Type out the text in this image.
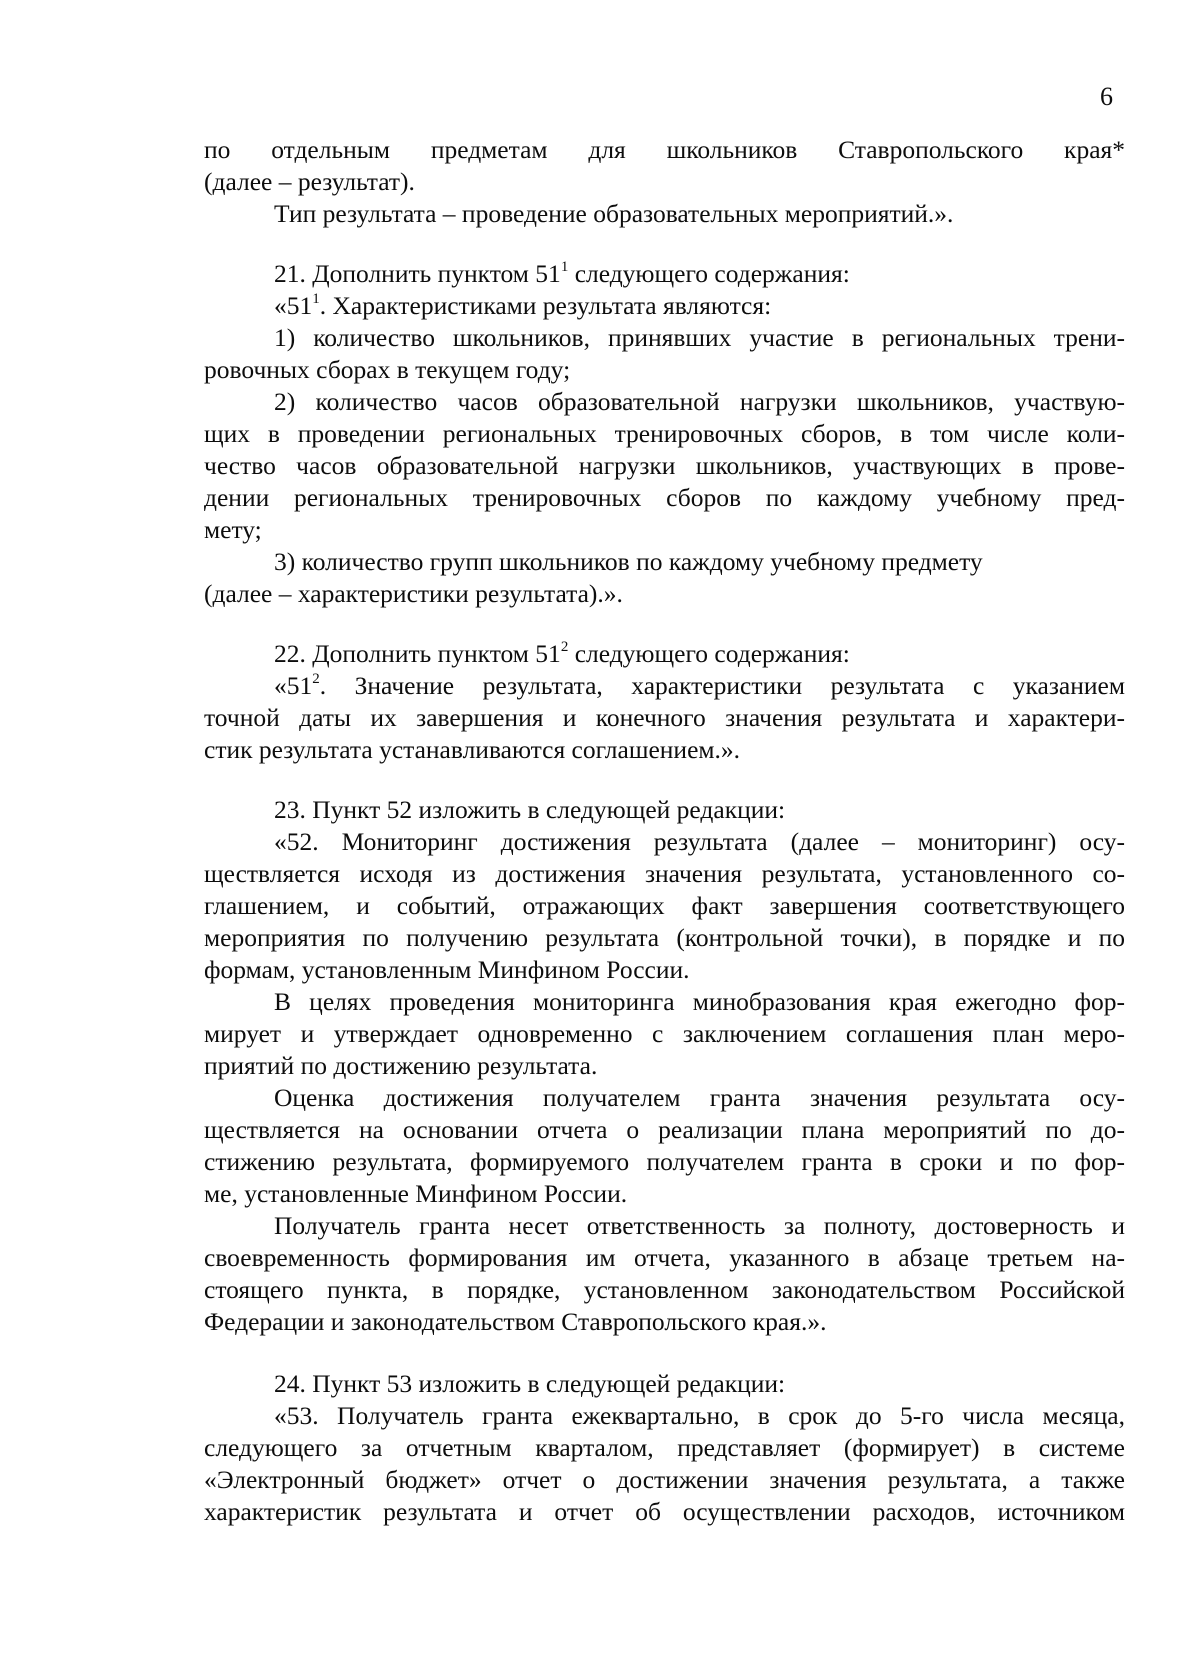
6
по отдельным предметам для школьников Ставропольского края*
(далее – результат).
Тип результата – проведение образовательных мероприятий.».
21. Дополнить пунктом $51^1$ следующего содержания:
«$51^1$. Характеристиками результата являются:
1) количество школьников, принявших участие в региональных трени-
ровочных сборах в текущем году;
2) количество часов образовательной нагрузки школьников, участвую-
щих в проведении региональных тренировочных сборов, в том числе коли-
чество часов образовательной нагрузки школьников, участвующих в прове-
дении региональных тренировочных сборов по каждому учебному пред-
мету;
3) количество групп школьников по каждому учебному предмету
(далее – характеристики результата).».
22. Дополнить пунктом $51^2$ следующего содержания:
«$51^2$. Значение результата, характеристики результата с указанием
точной даты их завершения и конечного значения результата и характери-
стик результата устанавливаются соглашением.».
23. Пункт 52 изложить в следующей редакции:
«52. Мониторинг достижения результата (далее – мониторинг) осу-
ществляется исходя из достижения значения результата, установленного со-
глашением, и событий, отражающих факт завершения соответствующего
мероприятия по получению результата (контрольной точки), в порядке и по
формам, установленным Минфином России.
В целях проведения мониторинга минобразования края ежегодно фор-
мирует и утверждает одновременно с заключением соглашения план меро-
приятий по достижению результата.
Оценка достижения получателем гранта значения результата осу-
ществляется на основании отчета о реализации плана мероприятий по до-
стижению результата, формируемого получателем гранта в сроки и по фор-
ме, установленные Минфином России.
Получатель гранта несет ответственность за полноту, достоверность и
своевременность формирования им отчета, указанного в абзаце третьем на-
стоящего пункта, в порядке, установленном законодательством Российской
Федерации и законодательством Ставропольского края.».
24. Пункт 53 изложить в следующей редакции:
«53. Получатель гранта ежеквартально, в срок до 5-го числа месяца,
следующего за отчетным кварталом, представляет (формирует) в системе
«Электронный бюджет» отчет о достижении значения результата, а также
характеристик результата и отчет об осуществлении расходов, источником
